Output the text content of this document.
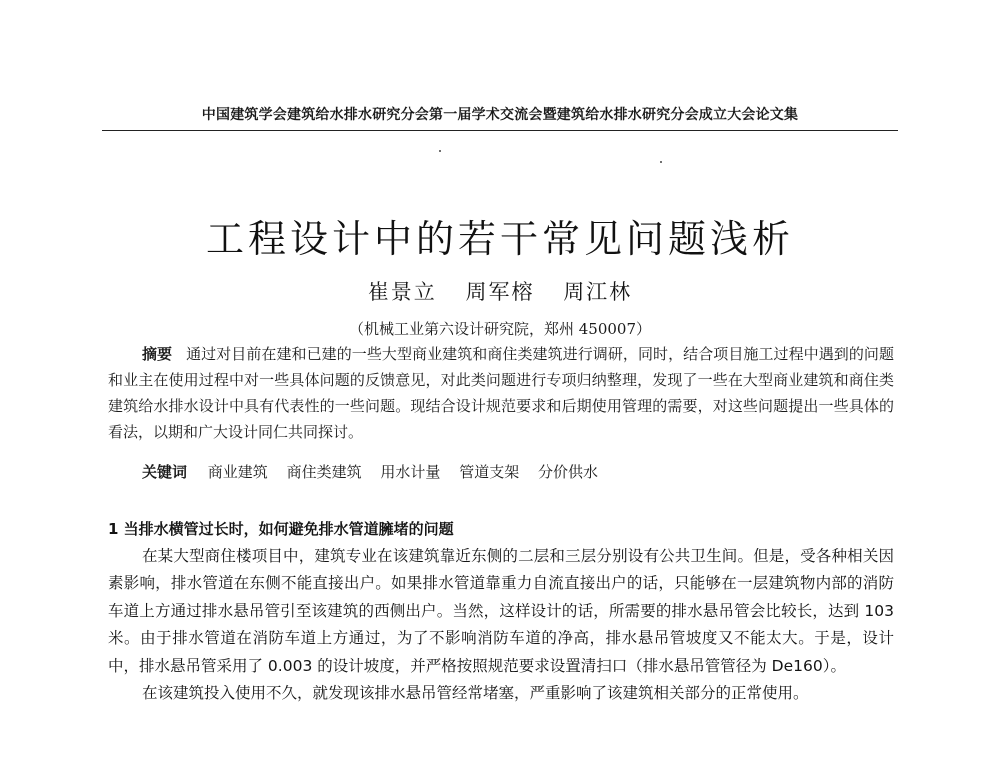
中国建筑学会建筑给水排水研究分会第一届学术交流会暨建筑给水排水研究分会成立大会论文集
工程设计中的若干常见问题浅析
崔景立 周军榕 周江林
（机械工业第六设计研究院，郑州 450007）
摘要 通过对目前在建和已建的一些大型商业建筑和商住类建筑进行调研，同时，结合项目施工过程中遇到的问题和业主在使用过程中对一些具体问题的反馈意见，对此类问题进行专项归纳整理，发现了一些在大型商业建筑和商住类建筑给水排水设计中具有代表性的一些问题。现结合设计规范要求和后期使用管理的需要，对这些问题提出一些具体的看法，以期和广大设计同仁共同探讨。
关键词 商业建筑 商住类建筑 用水计量 管道支架 分价供水
1 当排水横管过长时，如何避免排水管道臃堵的问题

在某大型商住楼项目中，建筑专业在该建筑靠近东侧的二层和三层分别设有公共卫生间。但是，受各种相关因素影响，排水管道在东侧不能直接出户。如果排水管道靠重力自流直接出户的话，只能够在一层建筑物内部的消防车道上方通过排水悬吊管引至该建筑的西侧出户。当然，这样设计的话，所需要的排水悬吊管会比较长，达到 103 米。由于排水管道在消防车道上方通过，为了不影响消防车道的净高，排水悬吊管坡度又不能太大。于是，设计中，排水悬吊管采用了 0.003 的设计坡度，并严格按照规范要求设置清扫口（排水悬吊管管径为 De160）。

在该建筑投入使用不久，就发现该排水悬吊管经常堵塞，严重影响了该建筑相关部分的正常使用。
